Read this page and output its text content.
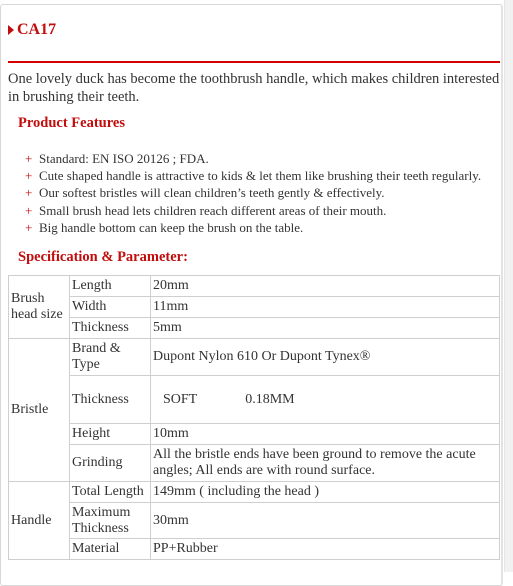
CA17
One lovely duck has become the toothbrush handle, which makes children interested in brushing their teeth.
Product Features
+ Standard: EN ISO 20126 ; FDA.
+ Cute shaped handle is attractive to kids & let them like brushing their teeth regularly.
+ Our softest bristles will clean children’s teeth gently & effectively.
+ Small brush head lets children reach different areas of their mouth.
+ Big handle bottom can keep the brush on the table.
Specification & Parameter:
Brush head size	Length	20mm
	Width	11mm
	Thickness	5mm
Bristle	Brand & Type	Dupont Nylon 610 Or Dupont Tynex®
	Thickness	SOFT 0.18MM
	Height	10mm
	Grinding	All the bristle ends have been ground to remove the acute angles; All ends are with round surface.
Handle	Total Length	149mm ( including the head )
	Maximum Thickness	30mm
	Material	PP+Rubber
